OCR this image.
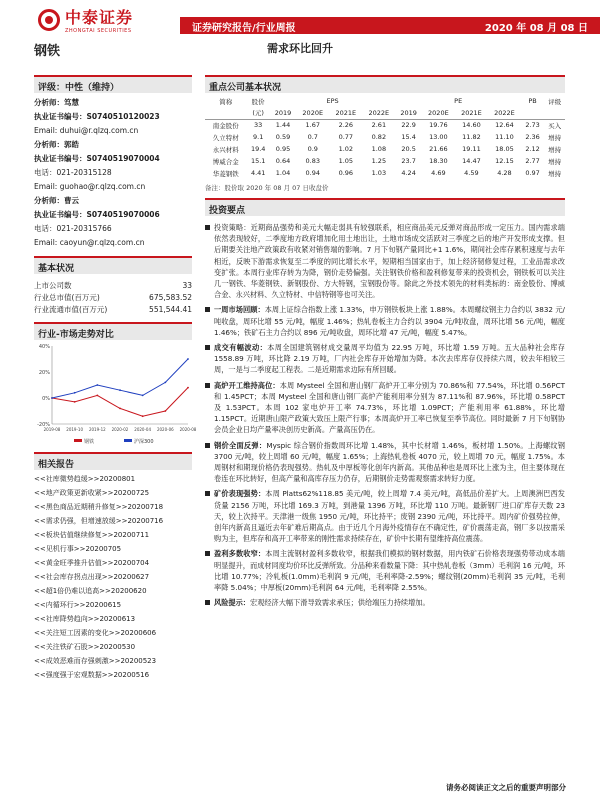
中泰证券
ZHONGTAI SECURITIES	证券研究报告/行业周报	2020 年 08 月 08 日
钢铁	需求环比回升
评级：中性（维持）
分析师：笃慧
执业证书编号：S0740510120023
Email: duhui@r.qlzq.com.cn
分析师：郭皓
执业证书编号：S0740519070004
电话：021-20315128
Email: guohao@r.qlzq.com.cn
分析师：曹云
执业证书编号：S0740519070006
电话：021-20315766
Email: caoyun@r.qlzq.com.cn
基本状况
上市公司数	33
行业总市值(百万元)	675,583.52
行业流通市值(百万元)	551,544.41
行业-市场走势对比
-20%
0%
20%
40%
2019-08 2019-10 2019-12 2020-02 2020-04 2020-06 2020-08
钢铁	沪深300
相关报告
<<社库微势趋缓>>20200801
<<地产政策更新收紧>>20200725
<<黑色商品近期稍升修复>>20200718
<<需求仍强，但增速放缓>>20200716
<<板块估值继续修复>>20200711
<<见机行事>>20200705
<<黄金旺季推升估值>>20200704
<<社会库存拐点出现>>20200627
<<超1倍仍难以追高>>20200620
<<内循环行>>20200615
<<社库降势趋向>>20200613
<<关注短工因素的变化>>20200606
<<关注铁矿石股>>20200530
<<成效恶难而存强刺激>>20200523
<<强度强于宏观数据>>20200516
重点公司基本状况
简称	股价	EPS				PE				PB	评级
	(元)	2019	2020E	2021E	2022E	2019	2020E	2021E	2022E		
南金股份	33	1.44	1.67	2.26	2.61	22.9	19.76	14.60	12.64	2.73	买入
久立特材	9.1	0.59	0.7	0.77	0.82	15.4	13.00	11.82	11.10	2.36	增持
永兴材料	19.4	0.95	0.9	1.02	1.08	20.5	21.66	19.11	18.05	2.12	增持
博威合金	15.1	0.64	0.83	1.05	1.25	23.7	18.30	14.47	12.15	2.77	增持
华菱钢铁	4.41	1.04	0.94	0.96	1.03	4.24	4.69	4.59	4.28	0.97	增持
备注：股价取 2020 年 08 月 07 日收盘价
投资要点
投资策略：近期商品强势和美元大幅走弱具有较强联系，相应商品美元反弹对商品形成一定压力。国内需求端依然表现较好，二季度地方政府增加化用土地出让，土地市场成交活跃对三季度之后的地产开发形成支撑。但后期要关注地产政策政有收紧对销售端的影响。7 月下旬钢产量同比+1 1.6%，期间社会库存累积速度与去年相近，反映下游需求恢复至二季度的同比增长水平，短期相当国家由于，加上经济韧修复过程，工业品需求改变扩张。本周行业库存转为为降，钢价走势偏强。关注钢铁价格和盈利修复带来的投资机会，钢铁板可以关注几一钢铁、华菱钢铁、新钢股份、方大特钢，宝钢股份等。除此之外技术领先的材料类标的：南金股份、博威合金、永兴材料、久立特材、中信特钢等也可关注。
一周市场回顾：本周上证综合指数上涨 1.33%，申万钢铁板块上涨 1.88%。本周螺纹钢主力合约以 3832 元/吨收盘，周环比增 55 元/吨，幅度 1.46%；热轧卷板主力合约以 3904 元/吨收盘，周环比增 56 元/吨，幅度 1.46%；铁矿石主力合约以 896 元/吨收盘，周环比增 47 元/吨，幅度 5.47%。
成交有幅波动：本周全国建筑钢材成交量周平均值为 22.95 万吨，环比增 1.59 万吨。五大品种社会库存 1558.89 万吨，环比降 2.19 万吨，厂内社会库存开始增加为降。本次去库库存仅持续六周，较去年相较三周，一是与二季度起工程表。二是近期需求边际有所回暖。
高炉开工维持高位：本周 Mysteel 全国和唐山钢厂高炉开工率分别为 70.86%和 77.54%，环比增 0.56PCT 和 1.45PCT；本周 Mysteel 全国和唐山钢厂高炉产能利用率分别为 87.11%和 87.96%，环比增 0.58PCT 及 1.53PCT。本周 102 家电炉开工率 74.73%，环比增 1.09PCT；产能利用率 61.88%，环比增 1.15PCT。近期唐山限产政策大致压上限产行事；本周高炉开工率已恢复至季节高位。同时最新 7 月下旬钢协会员企业日均产量率决创历史新高。产量高压仍在。
钢价全面反弹：Myspic 综合钢价指数周环比增 1.48%，其中长材增 1.46%，板材增 1.50%。上海螺纹钢 3700 元/吨，较上周增 60 元/吨，幅度 1.65%；上海热轧卷板 4070 元，较上周增 70 元，幅度 1.75%。本周钢材和期现价格仍表现强势。热轧及中厚板等化创年内新高。其他品种也是周环比上涨为主，但主要体现在卷连在环比转好，但高产量和高库存压力仍存，后期钢价走势需观察需求转好力度。
矿价表现强势：本周 Platts62%118.85 美元/吨，较上周增 7.4 美元/吨，高低品价差扩大。上周澳洲巴西发货量 2156 万吨，环比增 169.3 万吨，到港量 1396 万吨，环比增 110 万吨。最新钢厂进口矿库存天数 23 天，较上次持平。天津港一级焦 1950 元/吨，环比持平；废钢 2390 元/吨，环比持平。周内矿价强势拉伸，创年内新高且逼近去年矿难后期高点。由于近几个月海外疫情存在不确定性，矿价震荡走高，钢厂多以按需采购为主，但库存和高开工率带来的刚性需求持续存在，矿价中长期有望维持高位震荡。
盈利多数收窄：本周主流钢材盈利多数收窄，根据我们模拟的钢材数据，用内铁矿石价格表现强势带动成本端明显提升，而成材同度均价环比反弹所致。分品种来看数量下降：其中热轧卷板（3mm）毛利润 16 元/吨，环比增 10.77%；冷轧板(1.0mm)毛利润 9 元/吨，毛利率降-2.59%；螺纹钢(20mm)毛利润 35 元/吨，毛利率降 5.04%；中厚板(20mm)毛利润 64 元/吨，毛利率降 2.55%。
风险提示：宏观经济大幅下滑导致需求承压；供给端压力持续增加。
请务必阅读正文之后的重要声明部分
